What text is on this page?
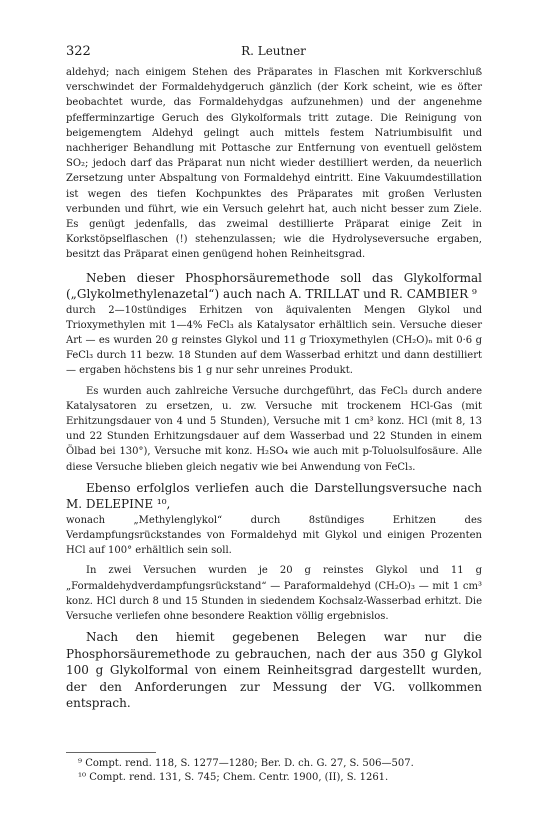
322	R. Leutner

aldehyd; nach einigem Stehen des Präparates in Flaschen mit Korkverschluß verschwindet der Formaldehydgeruch gänzlich (der Kork scheint, wie es öfter beobachtet wurde, das Formaldehydgas aufzunehmen) und der angenehme pfefferminzartige Geruch des Glykolformals tritt zutage. Die Reinigung von beigemengtem Aldehyd gelingt auch mittels festem Natriumbisulfit und nachheriger Behandlung mit Pottasche zur Entfernung von eventuell gelöstem SO₂; jedoch darf das Präparat nun nicht wieder destilliert werden, da neuerlich Zersetzung unter Abspaltung von Formaldehyd eintritt. Eine Vakuumdestillation ist wegen des tiefen Kochpunktes des Präparates mit großen Verlusten verbunden und führt, wie ein Versuch gelehrt hat, auch nicht besser zum Ziele. Es genügt jedenfalls, das zweimal destillierte Präparat einige Zeit in Korkstöpselflaschen (!) stehenzulassen; wie die Hydrolyseversuche ergaben, besitzt das Präparat einen genügend hohen Reinheitsgrad.

Neben dieser Phosphorsäuremethode soll das Glykolformal („Glykolmethylenazetal“) auch nach A. TRILLAT und R. CAMBIER ⁹

durch 2—10stündiges Erhitzen von äquivalenten Mengen Glykol und Trioxymethylen mit 1—4% FeCl₃ als Katalysator erhältlich sein. Versuche dieser Art — es wurden 20 g reinstes Glykol und 11 g Trioxymethylen (CH₂O)ₙ mit 0·6 g FeCl₃ durch 11 bezw. 18 Stunden auf dem Wasserbad erhitzt und dann destilliert — ergaben höchstens bis 1 g nur sehr unreines Produkt.

Es wurden auch zahlreiche Versuche durchgeführt, das FeCl₃ durch andere Katalysatoren zu ersetzen, u. zw. Versuche mit trockenem HCl-Gas (mit Erhitzungsdauer von 4 und 5 Stunden), Versuche mit 1 cm³ konz. HCl (mit 8, 13 und 22 Stunden Erhitzungsdauer auf dem Wasserbad und 22 Stunden in einem Ölbad bei 130°), Versuche mit konz. H₂SO₄ wie auch mit p-Toluolsulfosäure. Alle diese Versuche blieben gleich negativ wie bei Anwendung von FeCl₃.

Ebenso erfolglos verliefen auch die Darstellungsversuche nach M. DELEPINE ¹⁰,

wonach „Methylenglykol“ durch 8stündiges Erhitzen des Verdampfungsrückstandes von Formaldehyd mit Glykol und einigen Prozenten HCl auf 100° erhältlich sein soll.

In zwei Versuchen wurden je 20 g reinstes Glykol und 11 g „Formaldehydverdampfungsrückstand“ — Paraformaldehyd (CH₂O)₃ — mit 1 cm³ konz. HCl durch 8 und 15 Stunden in siedendem Kochsalz-Wasserbad erhitzt. Die Versuche verliefen ohne besondere Reaktion völlig ergebnislos.

Nach den hiemit gegebenen Belegen war nur die Phosphorsäuremethode zu gebrauchen, nach der aus 350 g Glykol 100 g Glykolformal von einem Reinheitsgrad dargestellt wurden, der den Anforderungen zur Messung der VG. vollkommen entsprach.

⁹ Compt. rend. 118, S. 1277—1280; Ber. D. ch. G. 27, S. 506—507.

¹⁰ Compt. rend. 131, S. 745; Chem. Centr. 1900, (II), S. 1261.
